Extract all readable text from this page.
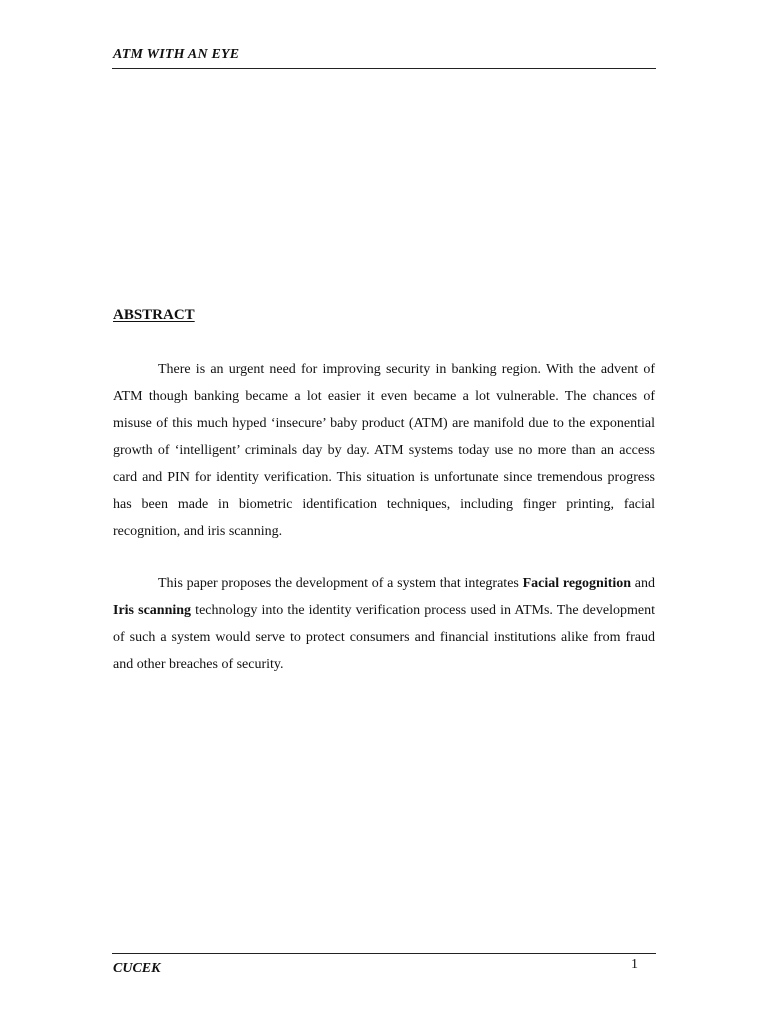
ATM WITH AN EYE
ABSTRACT

There is an urgent need for improving security in banking region. With the advent of ATM though banking became a lot easier it even became a lot vulnerable. The chances of misuse of this much hyped ‘insecure’ baby product (ATM) are manifold due to the exponential growth of ‘intelligent’ criminals day by day. ATM systems today use no more than an access card and PIN for identity verification. This situation is unfortunate since tremendous progress has been made in biometric identification techniques, including finger printing, facial recognition, and iris scanning.

This paper proposes the development of a system that integrates Facial regognition and Iris scanning technology into the identity verification process used in ATMs. The development of such a system would serve to protect consumers and financial institutions alike from fraud and other breaches of security.

CUCEK	1
